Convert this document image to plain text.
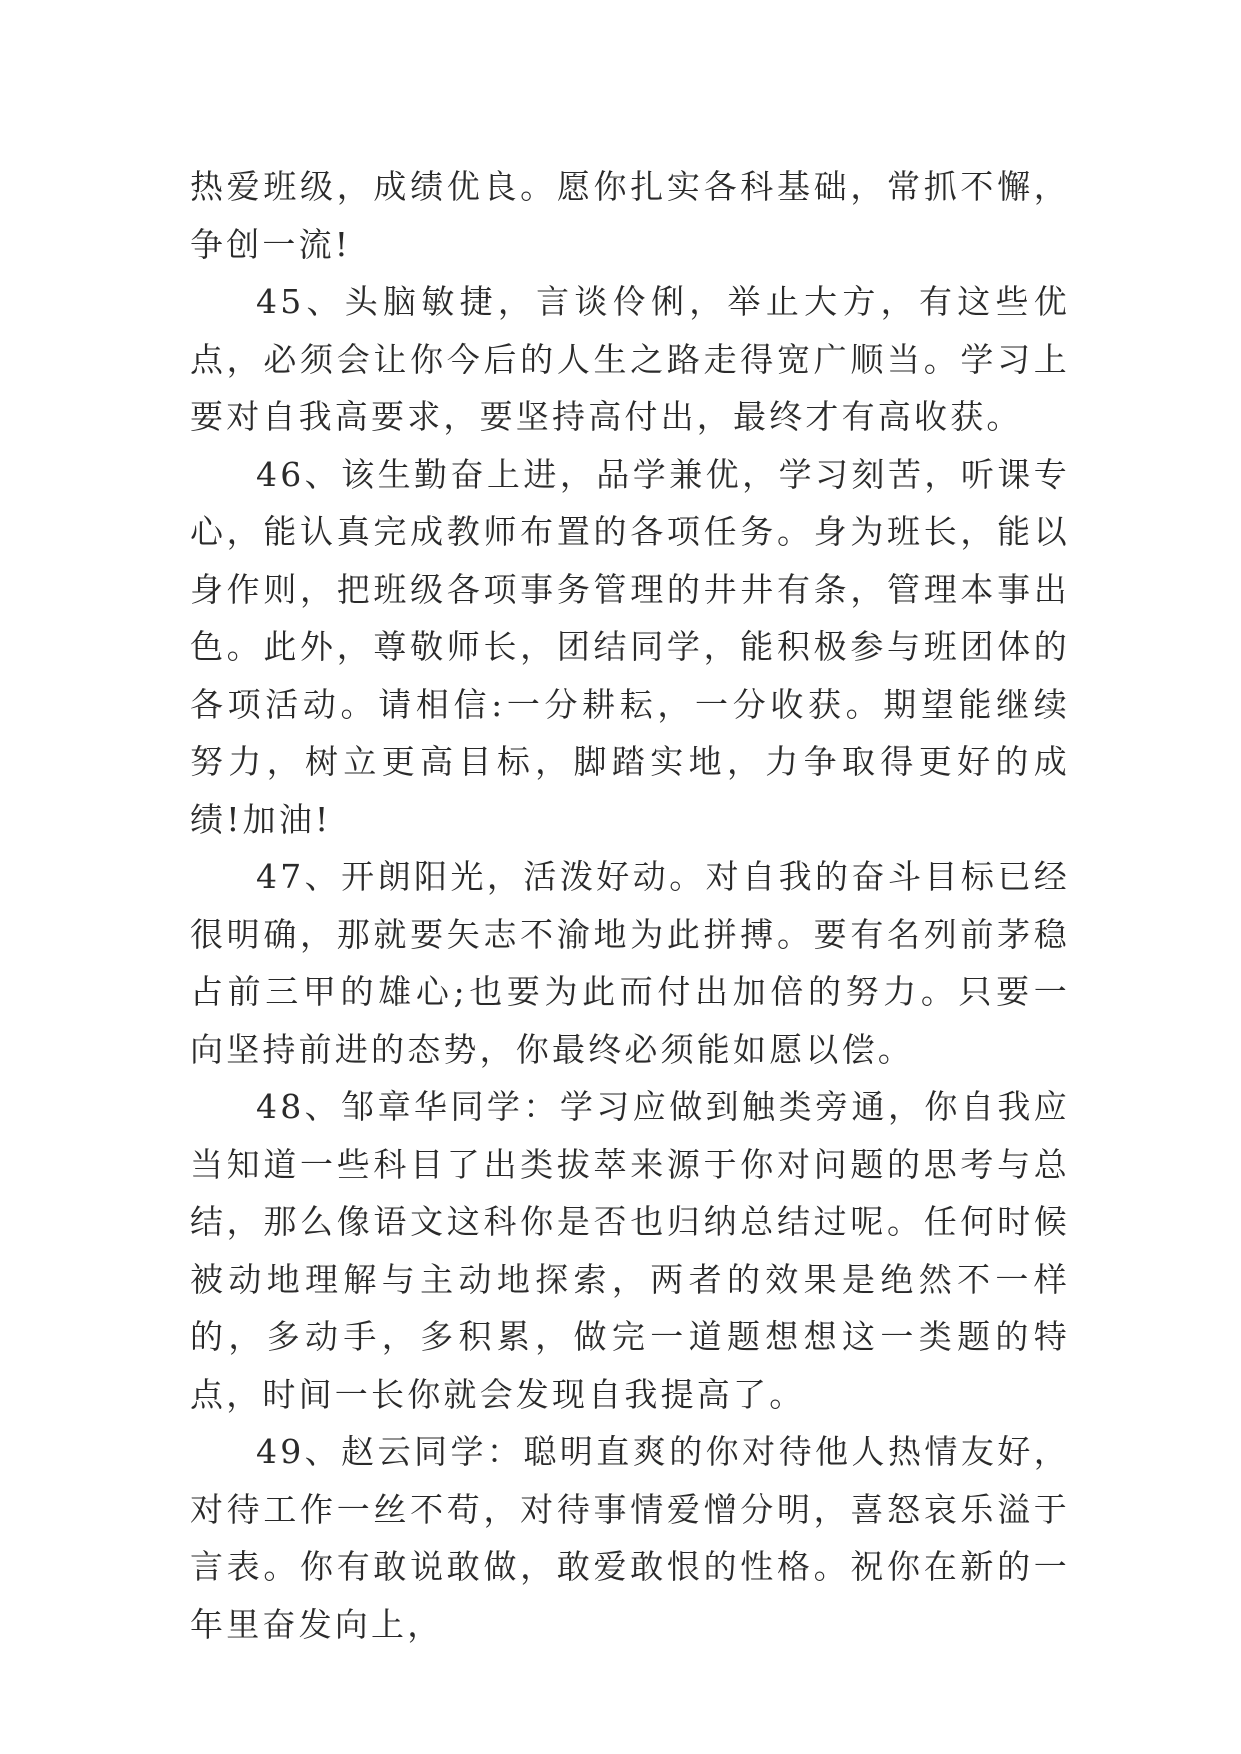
热爱班级，成绩优良。愿你扎实各科基础，常抓不懈，争创一流!

45、头脑敏捷，言谈伶俐，举止大方，有这些优点，必须会让你今后的人生之路走得宽广顺当。学习上要对自我高要求，要坚持高付出，最终才有高收获。

46、该生勤奋上进，品学兼优，学习刻苦，听课专心，能认真完成教师布置的各项任务。身为班长，能以身作则，把班级各项事务管理的井井有条，管理本事出色。此外，尊敬师长，团结同学，能积极参与班团体的各项活动。请相信:一分耕耘，一分收获。期望能继续努力，树立更高目标，脚踏实地，力争取得更好的成绩!加油!

47、开朗阳光，活泼好动。对自我的奋斗目标已经很明确，那就要矢志不渝地为此拼搏。要有名列前茅稳占前三甲的雄心;也要为此而付出加倍的努力。只要一向坚持前进的态势，你最终必须能如愿以偿。

48、邹章华同学：学习应做到触类旁通，你自我应当知道一些科目了出类拔萃来源于你对问题的思考与总结，那么像语文这科你是否也归纳总结过呢。任何时候被动地理解与主动地探索，两者的效果是绝然不一样的，多动手，多积累，做完一道题想想这一类题的特点，时间一长你就会发现自我提高了。

49、赵云同学：聪明直爽的你对待他人热情友好，对待工作一丝不苟，对待事情爱憎分明，喜怒哀乐溢于言表。你有敢说敢做，敢爱敢恨的性格。祝你在新的一年里奋发向上，
